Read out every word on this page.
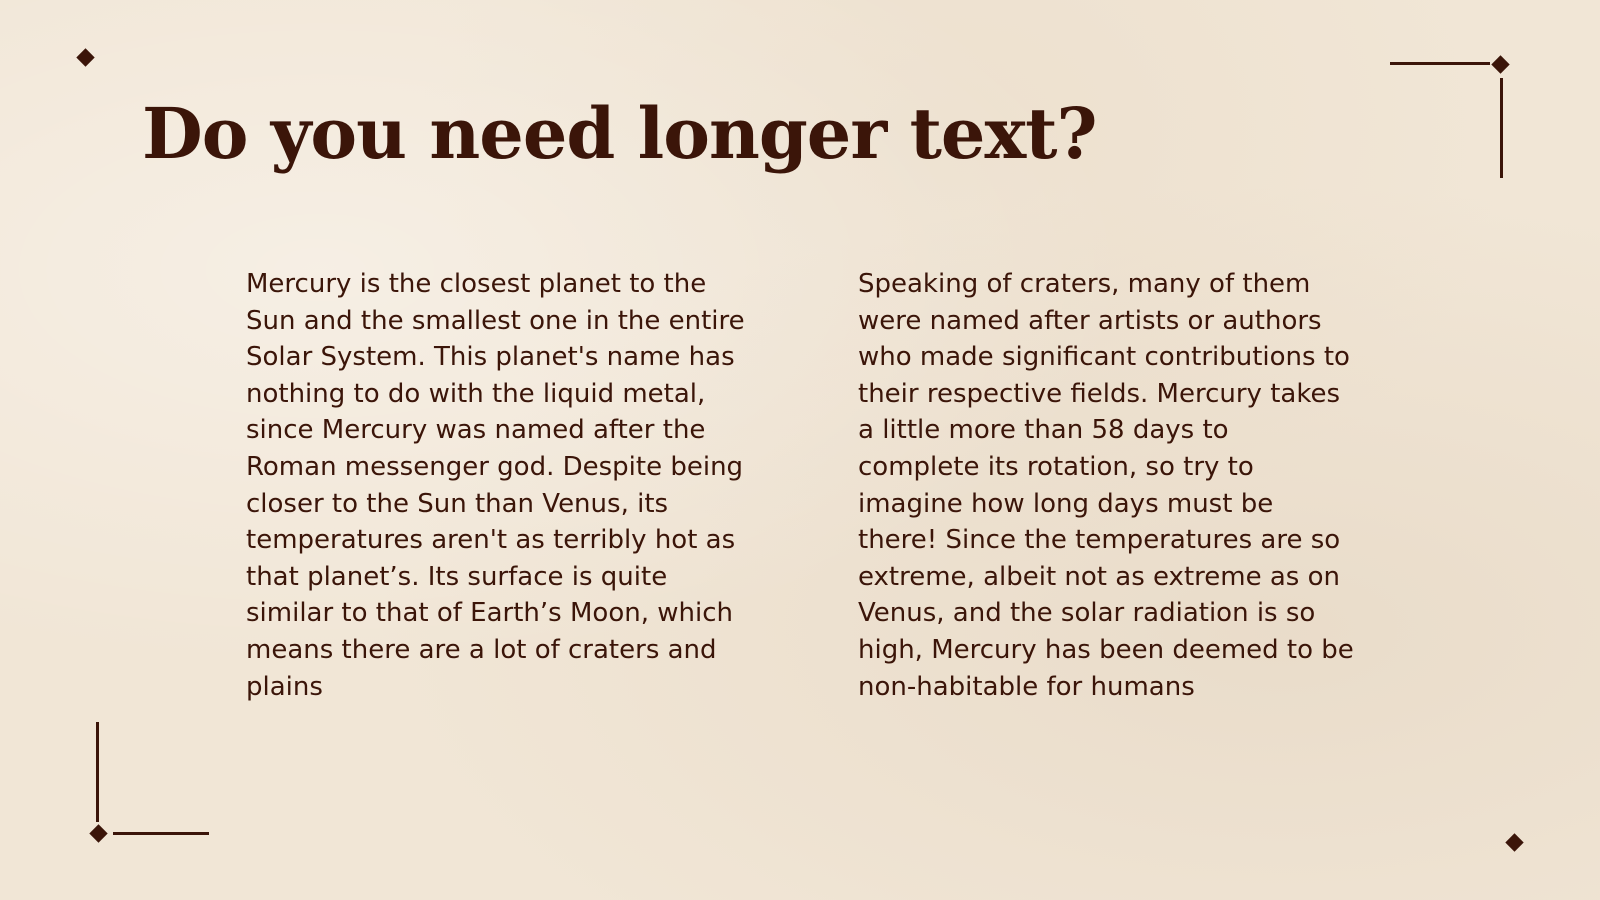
Do you need longer text?

Mercury is the closest planet to the Sun and the smallest one in the entire Solar System. This planet's name has nothing to do with the liquid metal, since Mercury was named after the Roman messenger god. Despite being closer to the Sun than Venus, its temperatures aren't as terribly hot as that planet’s. Its surface is quite similar to that of Earth’s Moon, which means there are a lot of craters and plains

Speaking of craters, many of them were named after artists or authors who made significant contributions to their respective fields. Mercury takes a little more than 58 days to complete its rotation, so try to imagine how long days must be there! Since the temperatures are so extreme, albeit not as extreme as on Venus, and the solar radiation is so high, Mercury has been deemed to be non-habitable for humans
